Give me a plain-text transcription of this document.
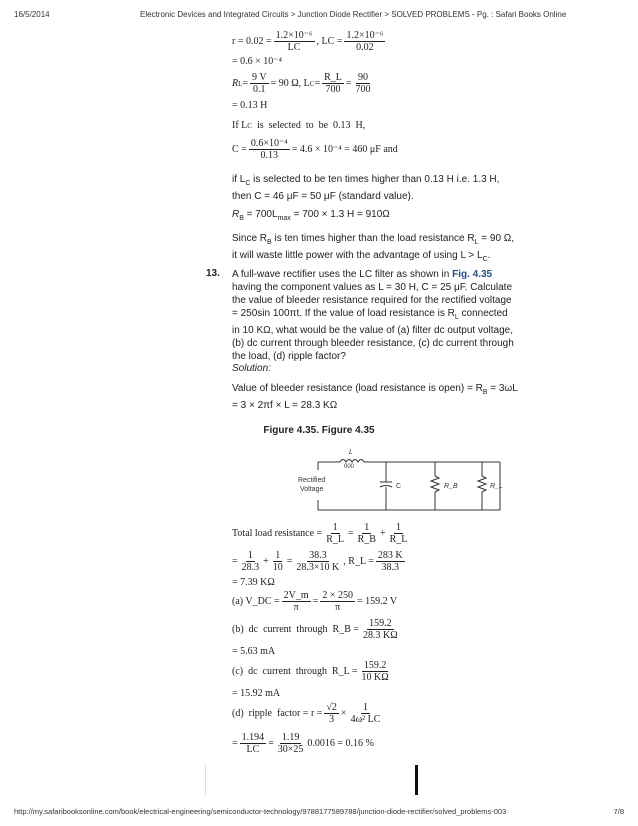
16/5/2014	Electronic Devices and Integrated Circuits > Junction Diode Rectifier > SOLVED PROBLEMS - Pg. : Safari Books Online
$r = 0.02 = \frac{\text{1.2×10⁻⁶}}{LC}$ , LC = $\frac{\text{1.2×10⁻⁶}}{0.02}$
= 0.6 × 10⁻⁴
R $L = \frac{9 V}{0.1} = 90$ Ω, L $C = \frac{R\_L}{700} = \frac{90}{700}$
= 0.13 H
If L C is  selected  to  be  0.13  H,
$C = \frac{\text{0.6×10⁻⁴}}{0.13} = 4.6 \times 10^{-4} = 460$ μF and
if $L_C$ is selected to be ten times higher than 0.13 H i.e. 1.3 H,
then C = 46 μF = 50 μF (standard value).
$R_B = 700L_{max} = 700 \times 1.3$ H = 910Ω
Since $R_B$ is ten times higher than the load resistance $R_L = 90$ Ω,
it will waste little power with the advantage of using $L > L_C$.
13. A full-wave rectifier uses the LC filter as shown in Fig. 4.35
having the component values as L = 30 H, C = 25 μF. Calculate
the value of bleeder resistance required for the rectified voltage
= 250sin 100πt. If the value of load resistance is $R_L$ connected
in 10 KΩ, what would be the value of (a) filter dc output voltage,
(b) dc current through bleeder resistance, (c) dc current through
the load, (d) ripple factor?
Solution:
Value of bleeder resistance (load resistance is open) = $R_B = 3\omega L$
= 3 × 2πf × L = 28.3 KΩ
Figure 4.35. Figure 4.35
L
000
Rectified
Voltage	C	R_B	R_L
Total load resistance = $\frac{1}{R\_L} = \frac{1}{R\_B} + \frac{1}{R\_L}$
= $\frac{1}{28.3} + \frac{1}{10} = \frac{38.3}{28.3\times 10 K}$ , R_L = $\frac{283 K}{38.3}$
= 7.39 KΩ
(a) V_DC = $\frac{2V\_m}{\pi} = \frac{2 \times 250}{\pi} = 159.2$ V
(b)  dc  current  through  R_B = $\frac{159.2}{28.3 K\Omega}$
= 5.63 mA
(c)  dc  current  through  R_L = $\frac{159.2}{10 K\Omega}$
= 15.92 mA
(d)  ripple  factor = $r = \frac{√2}{3} \times \frac{1}{\text{4ω² LC}}$
= $\frac{1.194}{LC} = \frac{1.19}{30\times 25} 0.0016 = 0.16$ %
http://my.safaribooksonline.com/book/electrical-engineering/semiconductor-technology/9788177589788/junction-diode-rectifier/solved_problems-003	7/8
